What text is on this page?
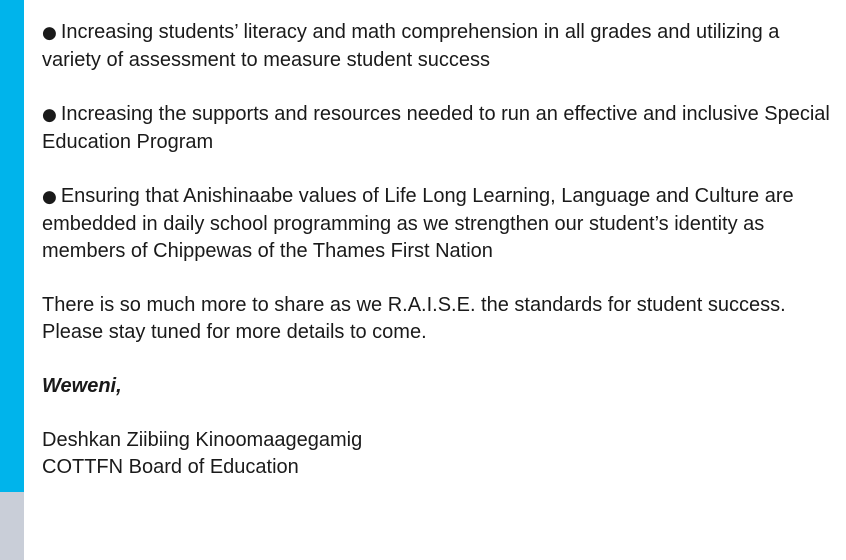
● Increasing students’ literacy and math comprehension in all grades and utilizing a variety of assessment to measure student success

● Increasing the supports and resources needed to run an effective and inclusive Special Education Program

● Ensuring that Anishinaabe values of Life Long Learning, Language and Culture are embedded in daily school programming as we strengthen our student’s identity as members of Chippewas of the Thames First Nation

There is so much more to share as we R.A.I.S.E. the standards for student success. Please stay tuned for more details to come.

Weweni,

Deshkan Ziibiing Kinoomaagegamig
COTTFN Board of Education
